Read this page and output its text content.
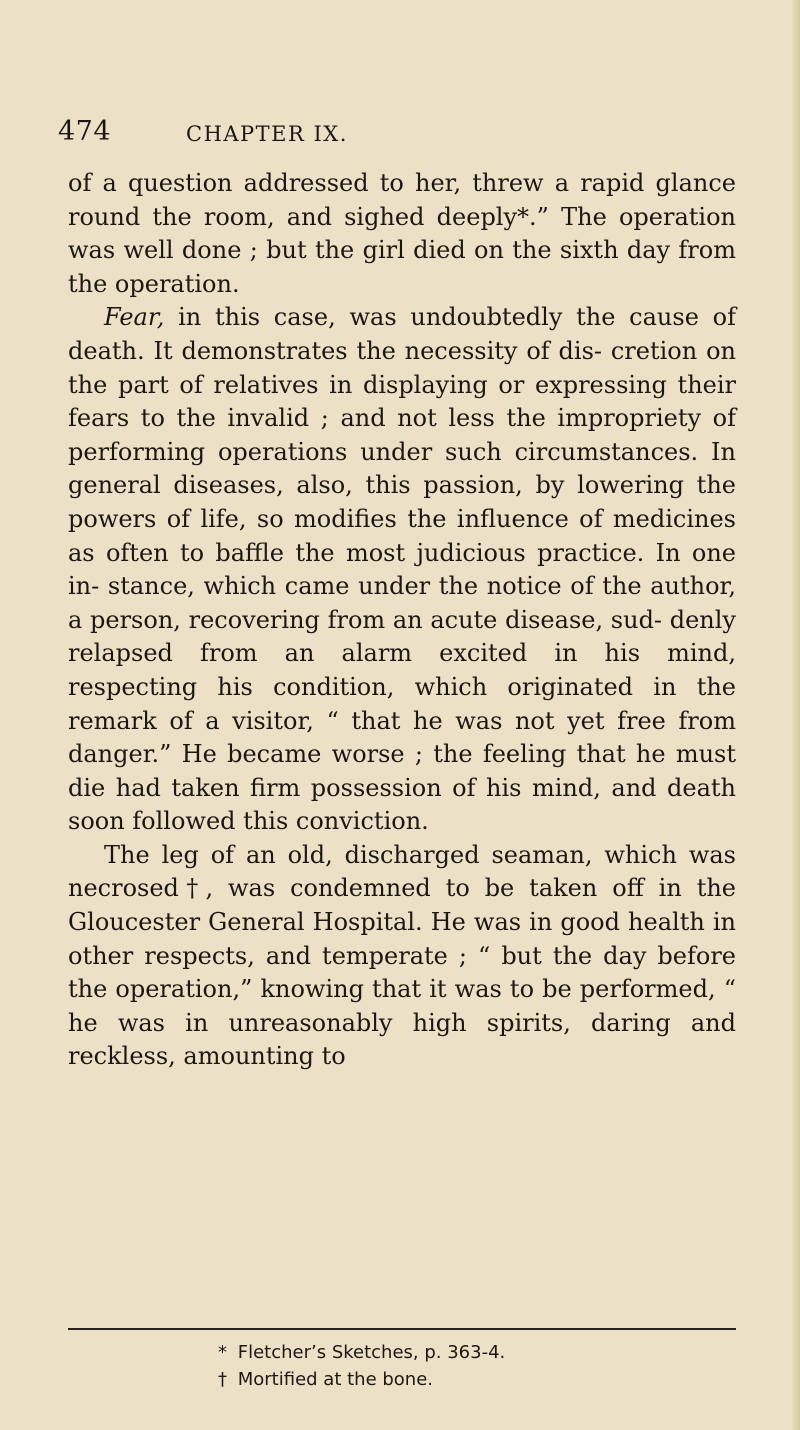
474	CHAPTER IX.

of a question addressed to her, threw a rapid glance round the room, and sighed deeply*.” The operation was well done ; but the girl died on the sixth day from the operation.

Fear, in this case, was undoubtedly the cause of death. It demonstrates the necessity of dis- cretion on the part of relatives in displaying or expressing their fears to the invalid ; and not less the impropriety of performing operations under such circumstances. In general diseases, also, this passion, by lowering the powers of life, so modifies the influence of medicines as often to baffle the most judicious practice. In one in- stance, which came under the notice of the author, a person, recovering from an acute disease, sud- denly relapsed from an alarm excited in his mind, respecting his condition, which originated in the remark of a visitor, “ that he was not yet free from danger.” He became worse ; the feeling that he must die had taken firm possession of his mind, and death soon followed this conviction.

The leg of an old, discharged seaman, which was necrosed†, was condemned to be taken off in the Gloucester General Hospital. He was in good health in other respects, and temperate ; “ but the day before the operation,” knowing that it was to be performed, “ he was in unreasonably high spirits, daring and reckless, amounting to

* Fletcher’s Sketches, p. 363-4.
† Mortified at the bone.
